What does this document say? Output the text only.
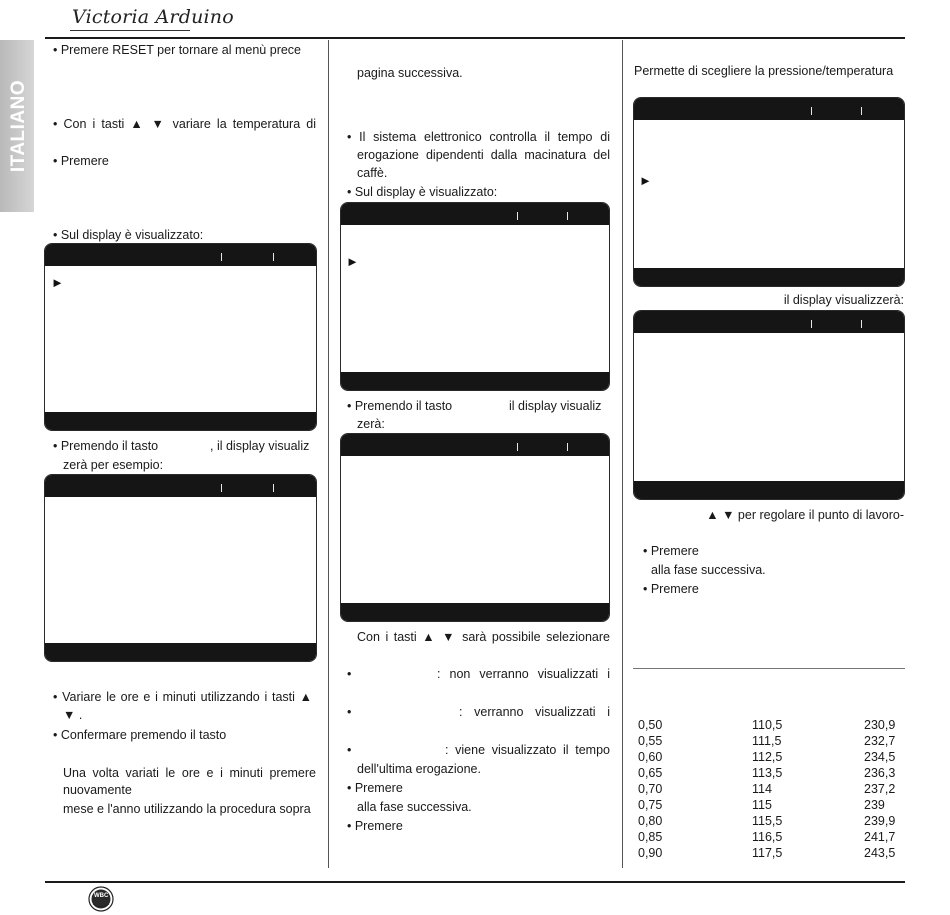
Victoria Arduino
ITALIANO
• Premere RESET per tornare al menù prece
• Con i tasti ▲ ▼ variare la temperatura di
• Premere
• Sul display è visualizzato:
►
• Premendo il tasto	, il display visualiz
zerà per esempio:
• Variare le ore e i minuti utilizzando i tasti ▲
▼ .
• Confermare premendo il tasto
Una volta variati le ore e i minuti premere
nuovamente
mese e l'anno utilizzando la procedura sopra
pagina successiva.
• Il sistema elettronico controlla il tempo di
erogazione dipendenti dalla macinatura del
caffè.
• Sul display è visualizzato:
►
• Premendo il tasto	il display visualiz
zerà:
Con i tasti ▲ ▼ sarà possibile selezionare
•	: non verranno visualizzati i
•	: verranno visualizzati i
•	: viene visualizzato il tempo
dell'ultima erogazione.
• Premere
alla fase successiva.
• Premere
Permette di scegliere la pressione/temperatura
►
il display visualizzerà:
▲ ▼ per regolare il punto di lavoro-
• Premere
alla fase successiva.
• Premere
0,50	110,5	230,9
0,55	111,5	232,7
0,60	112,5	234,5
0,65	113,5	236,3
0,70	114	237,2
0,75	115	239
0,80	115,5	239,9
0,85	116,5	241,7
0,90	117,5	243,5
WBC
